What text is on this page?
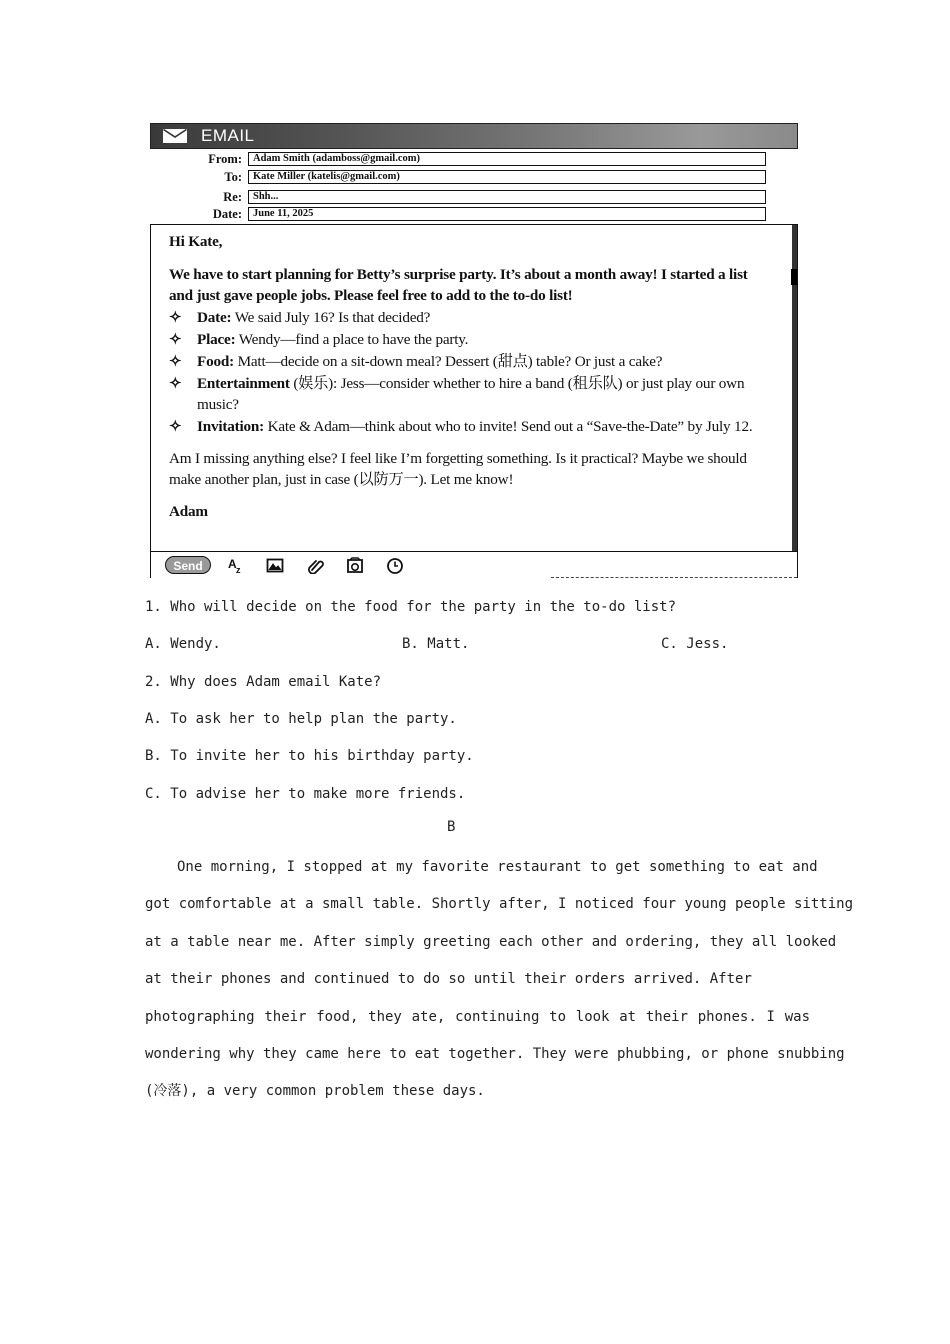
EMAIL
From:	Adam Smith (adamboss@gmail.com)
To:	Kate Miller (katelis@gmail.com)
Re:	Shh...
Date:	June 11, 2025

Hi Kate,

We have to start planning for Betty’s surprise party. It’s about a month away! I started a list and just gave people jobs. Please feel free to add to the to-do list!

✧ Date: We said July 16? Is that decided?
✧ Place: Wendy—find a place to have the party.
✧ Food: Matt—decide on a sit-down meal? Dessert (甜点) table? Or just a cake?
✧ Entertainment (娱乐): Jess—consider whether to hire a band (租乐队) or just play our own music?
✧ Invitation: Kate & Adam—think about who to invite! Send out a “Save-the-Date” by July 12.

Am I missing anything else? I feel like I’m forgetting something. Is it practical? Maybe we should make another plan, just in case (以防万一). Let me know!

Adam

Send	A z
1. Who will decide on the food for the party in the to-do list?
A. Wendy.	B. Matt.	C. Jess.
2. Why does Adam email Kate?
A. To ask her to help plan the party.
B. To invite her to his birthday party.
C. To advise her to make more friends.
B
One morning, I stopped at my favorite restaurant to get something to eat and
got comfortable at a small table. Shortly after, I noticed four young people sitting
at a table near me. After simply greeting each other and ordering, they all looked
at their phones and continued to do so until their orders arrived. After
photographing their food, they ate, continuing to look at their phones. I was
wondering why they came here to eat together. They were phubbing, or phone snubbing
(冷落), a very common problem these days.
